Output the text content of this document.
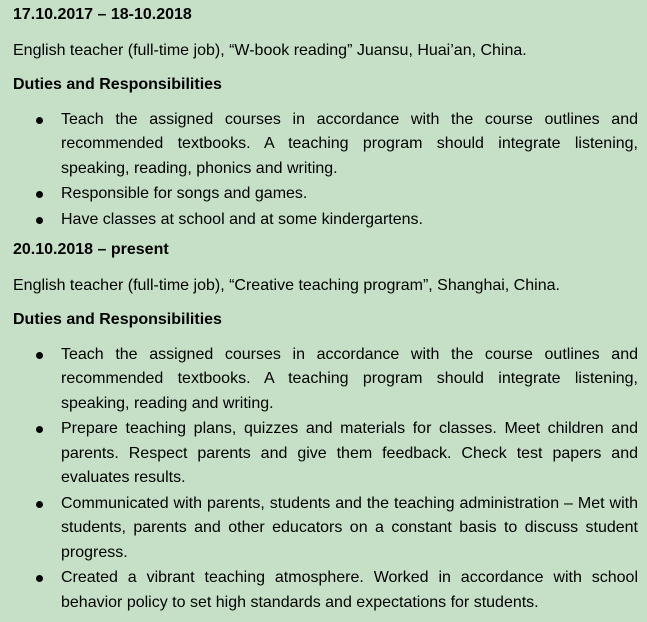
17.10.2017 – 18-10.2018
English teacher (full-time job), “W-book reading” Juansu, Huai’an, China.
Duties and Responsibilities
Teach the assigned courses in accordance with the course outlines and recommended textbooks. A teaching program should integrate listening, speaking, reading, phonics and writing.
Responsible for songs and games.
Have classes at school and at some kindergartens.
20.10.2018 – present
English teacher (full-time job), “Creative teaching program”, Shanghai, China.
Duties and Responsibilities
Teach the assigned courses in accordance with the course outlines and recommended textbooks. A teaching program should integrate listening, speaking, reading and writing.
Prepare teaching plans, quizzes and materials for classes. Meet children and parents. Respect parents and give them feedback. Check test papers and evaluates results.
Communicated with parents, students and the teaching administration – Met with students, parents and other educators on a constant basis to discuss student progress.
Created a vibrant teaching atmosphere. Worked in accordance with school behavior policy to set high standards and expectations for students.
